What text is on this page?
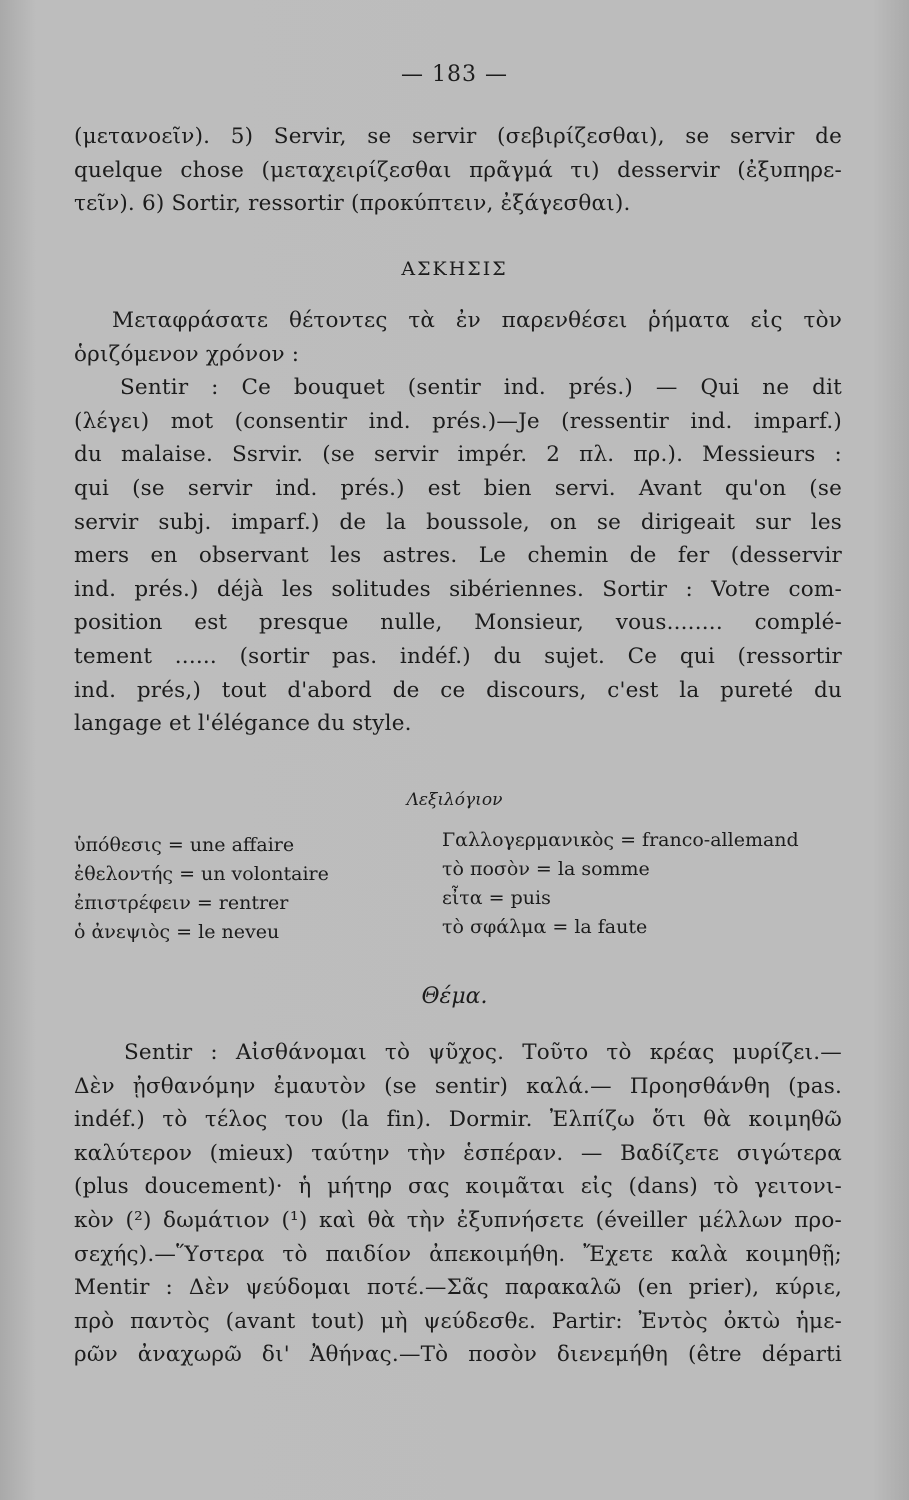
— 183 —
(μετανοεῖν). 5) Servir, se servir (σεβιρίζεσθαι), se servir de
quelque chose (μεταχειρίζεσθαι πρᾶγμά τι) desservir (ἐξυπηρε-
τεῖν). 6) Sortir, ressortir (προκύπτειν, ἐξάγεσθαι).
ΑΣΚΗΣΙΣ
Μεταφράσατε θέτοντες τὰ ἐν παρενθέσει ῥήματα εἰς τὸν
ὁριζόμενον χρόνον :
Sentir : Ce bouquet (sentir ind. prés.) — Qui ne dit
(λέγει) mot (consentir ind. prés.)—Je (ressentir ind. imparf.)
du malaise. Ssrvir. (se servir impér. 2 πλ. πρ.). Messieurs :
qui (se servir ind. prés.) est bien servi. Avant qu'on (se
servir subj. imparf.) de la boussole, on se dirigeait sur les
mers en observant les astres. Le chemin de fer (desservir
ind. prés.) déjà les solitudes sibériennes. Sortir : Votre com-
position est presque nulle, Monsieur, vous........ complé-
tement ...... (sortir pas. indéf.) du sujet. Ce qui (ressortir
ind. prés,) tout d'abord de ce discours, c'est la pureté du
langage et l'élégance du style.
Λεξιλόγιον
ὑπόθεσις = une affaire
ἐθελοντής = un volontaire
ἐπιστρέφειν = rentrer
ὁ ἀνεψιὸς = le neveu
Γαλλογερμανικὸς = franco-allemand
τὸ ποσὸν = la somme
εἶτα = puis
τὸ σφάλμα = la faute
Θέμα.
Sentir : Αἰσθάνομαι τὸ ψῦχος. Τοῦτο τὸ κρέας μυρίζει.—
Δὲν ᾐσθανόμην ἐμαυτὸν (se sentir) καλά.— Προησθάνθη (pas.
indéf.) τὸ τέλος του (la fin). Dormir. Ἐλπίζω ὅτι θὰ κοιμηθῶ
καλύτερον (mieux) ταύτην τὴν ἑσπέραν. — Βαδίζετε σιγώτερα
(plus doucement)· ἡ μήτηρ σας κοιμᾶται εἰς (dans) τὸ γειτονι-
κὸν (²) δωμάτιον (¹) καὶ θὰ τὴν ἐξυπνήσετε (éveiller μέλλων προ-
σεχής).—Ὕστερα τὸ παιδίον ἀπεκοιμήθη. Ἔχετε καλὰ κοιμηθῇ;
Mentir : Δὲν ψεύδομαι ποτέ.—Σᾶς παρακαλῶ (en prier), κύριε,
πρὸ παντὸς (avant tout) μὴ ψεύδεσθε. Partir: Ἐντὸς ὀκτὼ ἡμε-
ρῶν ἀναχωρῶ δι' Ἀθήνας.—Τὸ ποσὸν διενεμήθη (être départi
